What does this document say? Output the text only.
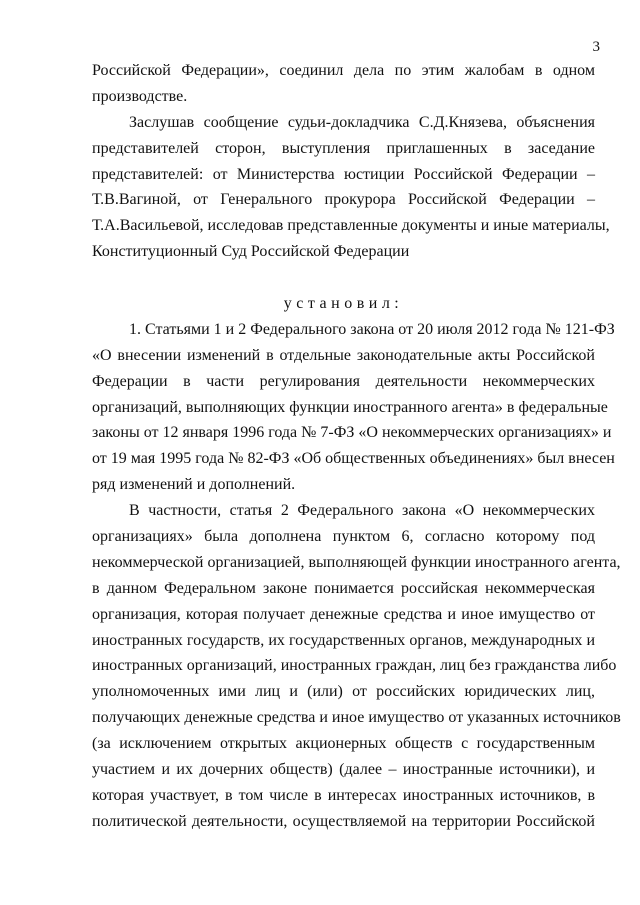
3
Российской Федерации», соединил дела по этим жалобам в одном
производстве.
Заслушав сообщение судьи-докладчика С.Д.Князева, объяснения
представителей сторон, выступления приглашенных в заседание
представителей: от Министерства юстиции Российской Федерации –
Т.В.Вагиной, от Генерального прокурора Российской Федерации –
Т.А.Васильевой, исследовав представленные документы и иные материалы,
Конституционный Суд Российской Федерации
установил:
1. Статьями 1 и 2 Федерального закона от 20 июля 2012 года № 121-ФЗ
«О внесении изменений в отдельные законодательные акты Российской
Федерации в части регулирования деятельности некоммерческих
организаций, выполняющих функции иностранного агента» в федеральные
законы от 12 января 1996 года № 7-ФЗ «О некоммерческих организациях» и
от 19 мая 1995 года № 82-ФЗ «Об общественных объединениях» был внесен
ряд изменений и дополнений.
В частности, статья 2 Федерального закона «О некоммерческих
организациях» была дополнена пунктом 6, согласно которому под
некоммерческой организацией, выполняющей функции иностранного агента,
в данном Федеральном законе понимается российская некоммерческая
организация, которая получает денежные средства и иное имущество от
иностранных государств, их государственных органов, международных и
иностранных организаций, иностранных граждан, лиц без гражданства либо
уполномоченных ими лиц и (или) от российских юридических лиц,
получающих денежные средства и иное имущество от указанных источников
(за исключением открытых акционерных обществ с государственным
участием и их дочерних обществ) (далее – иностранные источники), и
которая участвует, в том числе в интересах иностранных источников, в
политической деятельности, осуществляемой на территории Российской
